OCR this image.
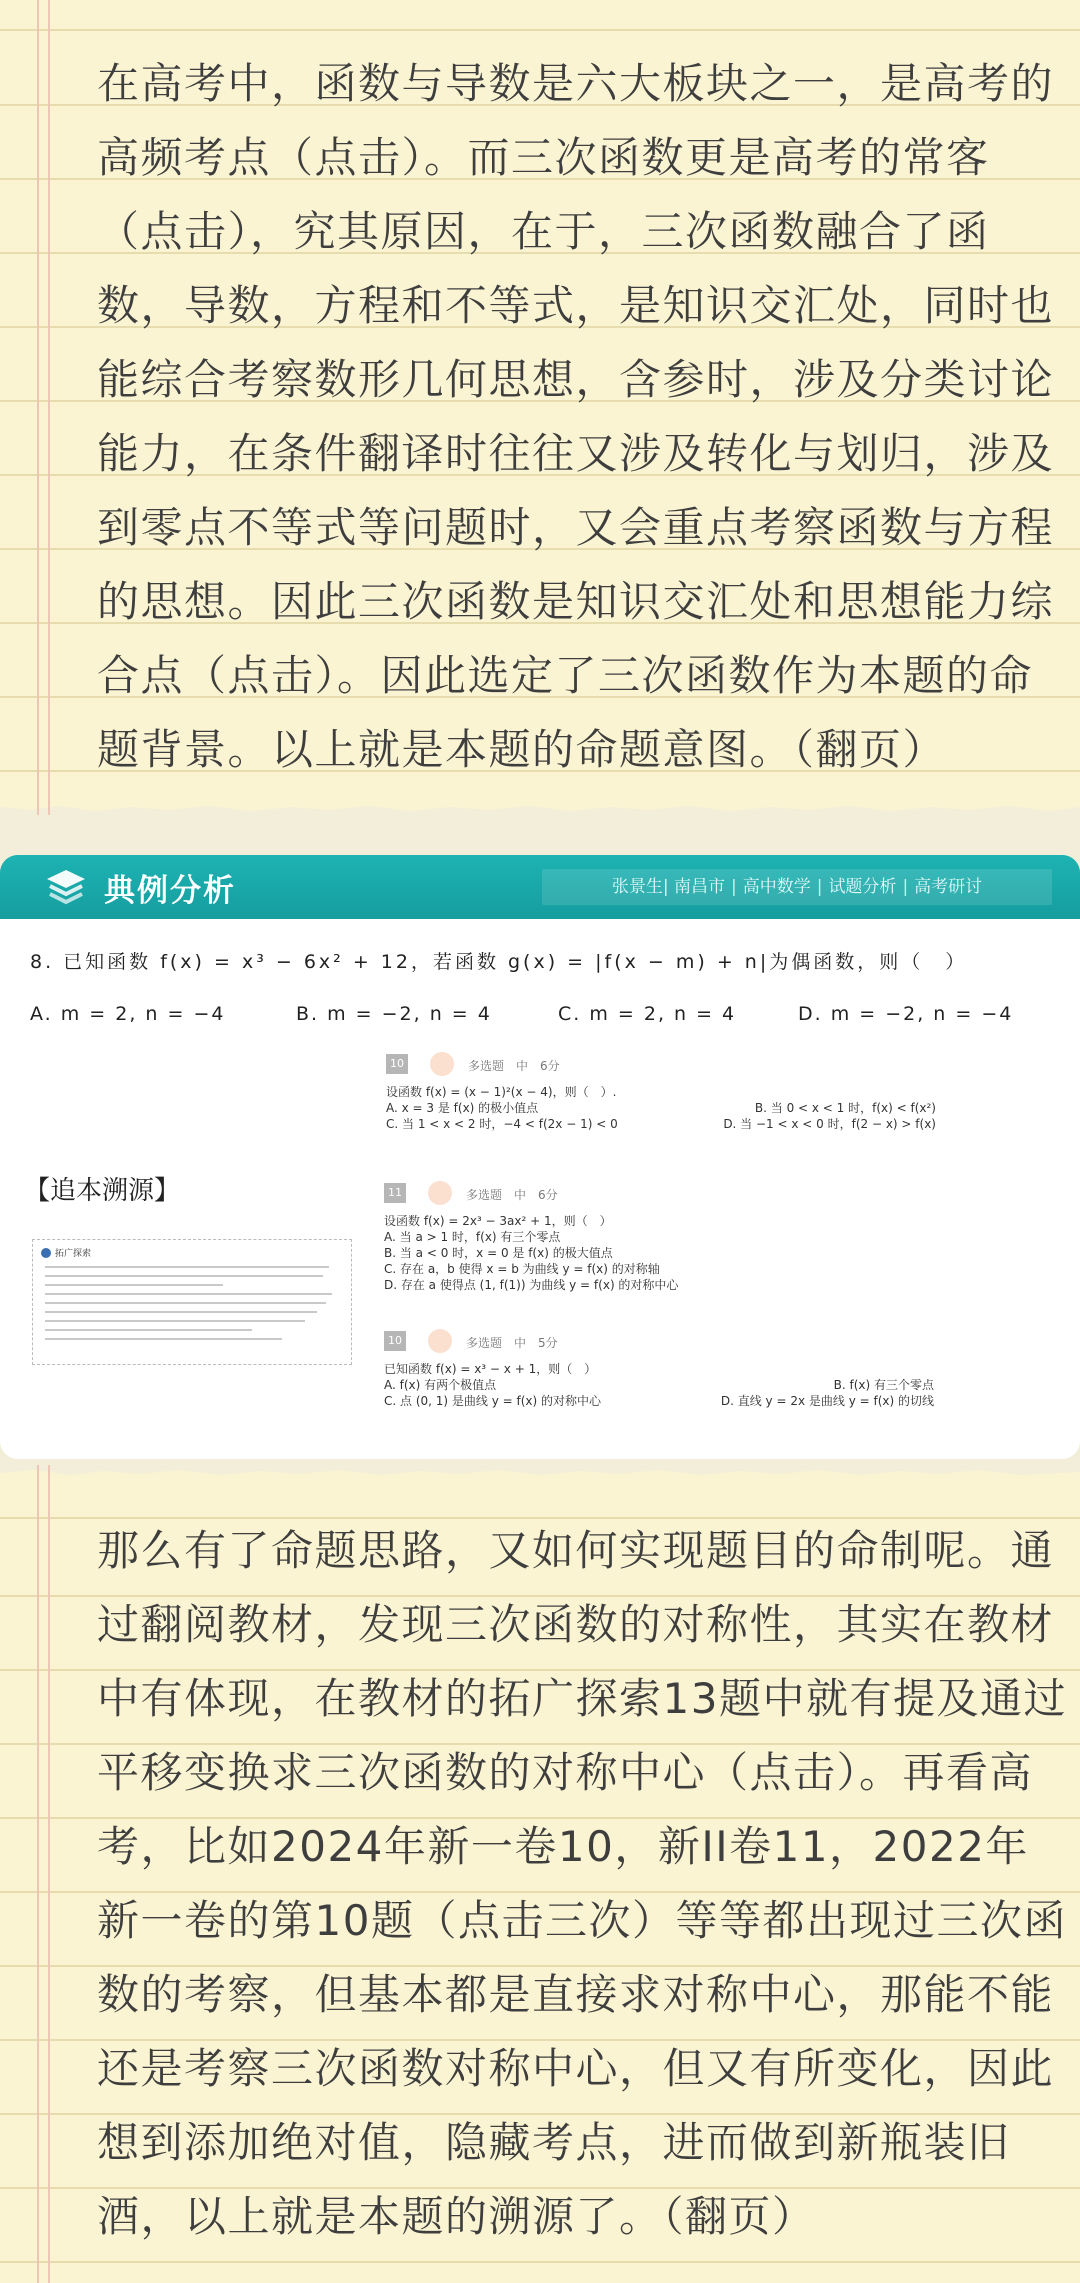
在高考中，函数与导数是六大板块之一，是高考的高频考点（点击）。而三次函数更是高考的常客（点击），究其原因，在于，三次函数融合了函数，导数，方程和不等式，是知识交汇处，同时也能综合考察数形几何思想，含参时，涉及分类讨论能力，在条件翻译时往往又涉及转化与划归，涉及到零点不等式等问题时，又会重点考察函数与方程的思想。因此三次函数是知识交汇处和思想能力综合点（点击）。因此选定了三次函数作为本题的命题背景。以上就是本题的命题意图。（翻页）

典例分析	张景生| 南昌市 | 高中数学 | 试题分析 | 高考研讨
8. 已知函数 f(x) = x³ − 6x² + 12，若函数 g(x) = |f(x − m) + n|为偶函数，则（　）
A. m = 2, n = −4	B. m = −2, n = 4	C. m = 2, n = 4	D. m = −2, n = −4
【追本溯源】
拓广探索
10	多选题　中　6分
设函数 f(x) = (x − 1)²(x − 4)，则（　）.
A. x = 3 是 f(x) 的极小值点	B. 当 0 < x < 1 时，f(x) < f(x²)
C. 当 1 < x < 2 时，−4 < f(2x − 1) < 0	D. 当 −1 < x < 0 时，f(2 − x) > f(x)
11	多选题　中　6分
设函数 f(x) = 2x³ − 3ax² + 1，则（　）
A. 当 a > 1 时，f(x) 有三个零点
B. 当 a < 0 时，x = 0 是 f(x) 的极大值点
C. 存在 a，b 使得 x = b 为曲线 y = f(x) 的对称轴
D. 存在 a 使得点 (1, f(1)) 为曲线 y = f(x) 的对称中心
10	多选题　中　5分
已知函数 f(x) = x³ − x + 1，则（　）
A. f(x) 有两个极值点	B. f(x) 有三个零点
C. 点 (0, 1) 是曲线 y = f(x) 的对称中心	D. 直线 y = 2x 是曲线 y = f(x) 的切线

那么有了命题思路，又如何实现题目的命制呢。通过翻阅教材，发现三次函数的对称性，其实在教材中有体现，在教材的拓广探索13题中就有提及通过平移变换求三次函数的对称中心（点击）。再看高考，比如2024年新一卷10，新II卷11，2022年新一卷的第10题（点击三次）等等都出现过三次函数的考察，但基本都是直接求对称中心，那能不能还是考察三次函数对称中心，但又有所变化，因此想到添加绝对值，隐藏考点，进而做到新瓶装旧酒，以上就是本题的溯源了。（翻页）
